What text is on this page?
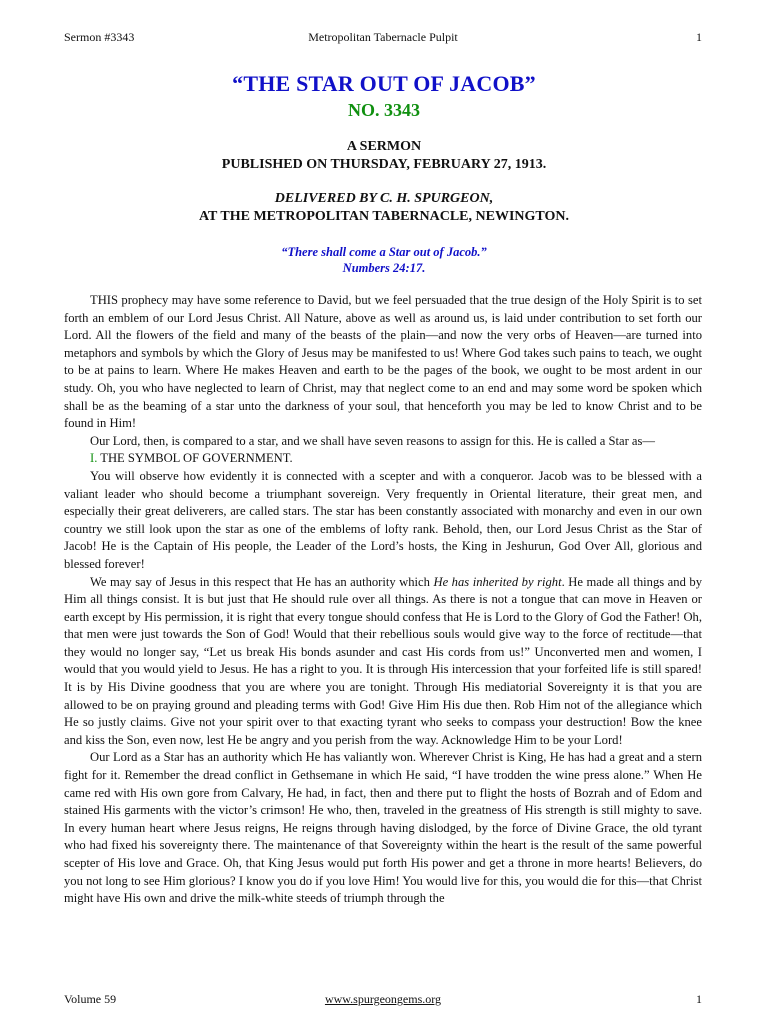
Sermon #3343	Metropolitan Tabernacle Pulpit	1
“THE STAR OUT OF JACOB”
NO. 3343
A SERMON
PUBLISHED ON THURSDAY, FEBRUARY 27, 1913.
DELIVERED BY C. H. SPURGEON,
AT THE METROPOLITAN TABERNACLE, NEWINGTON.
“There shall come a Star out of Jacob.”
Numbers 24:17.

THIS prophecy may have some reference to David, but we feel persuaded that the true design of the Holy Spirit is to set forth an emblem of our Lord Jesus Christ. All Nature, above as well as around us, is laid under contribution to set forth our Lord. All the flowers of the field and many of the beasts of the plain—and now the very orbs of Heaven—are turned into metaphors and symbols by which the Glory of Jesus may be manifested to us! Where God takes such pains to teach, we ought to be at pains to learn. Where He makes Heaven and earth to be the pages of the book, we ought to be most ardent in our study. Oh, you who have neglected to learn of Christ, may that neglect come to an end and may some word be spoken which shall be as the beaming of a star unto the darkness of your soul, that henceforth you may be led to know Christ and to be found in Him!

Our Lord, then, is compared to a star, and we shall have seven reasons to assign for this. He is called a Star as—

I. THE SYMBOL OF GOVERNMENT.

You will observe how evidently it is connected with a scepter and with a conqueror. Jacob was to be blessed with a valiant leader who should become a triumphant sovereign. Very frequently in Oriental literature, their great men, and especially their great deliverers, are called stars. The star has been constantly associated with monarchy and even in our own country we still look upon the star as one of the emblems of lofty rank. Behold, then, our Lord Jesus Christ as the Star of Jacob! He is the Captain of His people, the Leader of the Lord’s hosts, the King in Jeshurun, God Over All, glorious and blessed forever!

We may say of Jesus in this respect that He has an authority which He has inherited by right. He made all things and by Him all things consist. It is but just that He should rule over all things. As there is not a tongue that can move in Heaven or earth except by His permission, it is right that every tongue should confess that He is Lord to the Glory of God the Father! Oh, that men were just towards the Son of God! Would that their rebellious souls would give way to the force of rectitude—that they would no longer say, “Let us break His bonds asunder and cast His cords from us!” Unconverted men and women, I would that you would yield to Jesus. He has a right to you. It is through His intercession that your forfeited life is still spared! It is by His Divine goodness that you are where you are tonight. Through His mediatorial Sovereignty it is that you are allowed to be on praying ground and pleading terms with God! Give Him His due then. Rob Him not of the allegiance which He so justly claims. Give not your spirit over to that exacting tyrant who seeks to compass your destruction! Bow the knee and kiss the Son, even now, lest He be angry and you perish from the way. Acknowledge Him to be your Lord!

Our Lord as a Star has an authority which He has valiantly won. Wherever Christ is King, He has had a great and a stern fight for it. Remember the dread conflict in Gethsemane in which He said, “I have trodden the wine press alone.” When He came red with His own gore from Calvary, He had, in fact, then and there put to flight the hosts of Bozrah and of Edom and stained His garments with the victor’s crimson! He who, then, traveled in the greatness of His strength is still mighty to save. In every human heart where Jesus reigns, He reigns through having dislodged, by the force of Divine Grace, the old tyrant who had fixed his sovereignty there. The maintenance of that Sovereignty within the heart is the result of the same powerful scepter of His love and Grace. Oh, that King Jesus would put forth His power and get a throne in more hearts! Believers, do you not long to see Him glorious? I know you do if you love Him! You would live for this, you would die for this—that Christ might have His own and drive the milk-white steeds of triumph through the

Volume 59	www.spurgeongems.org	1
